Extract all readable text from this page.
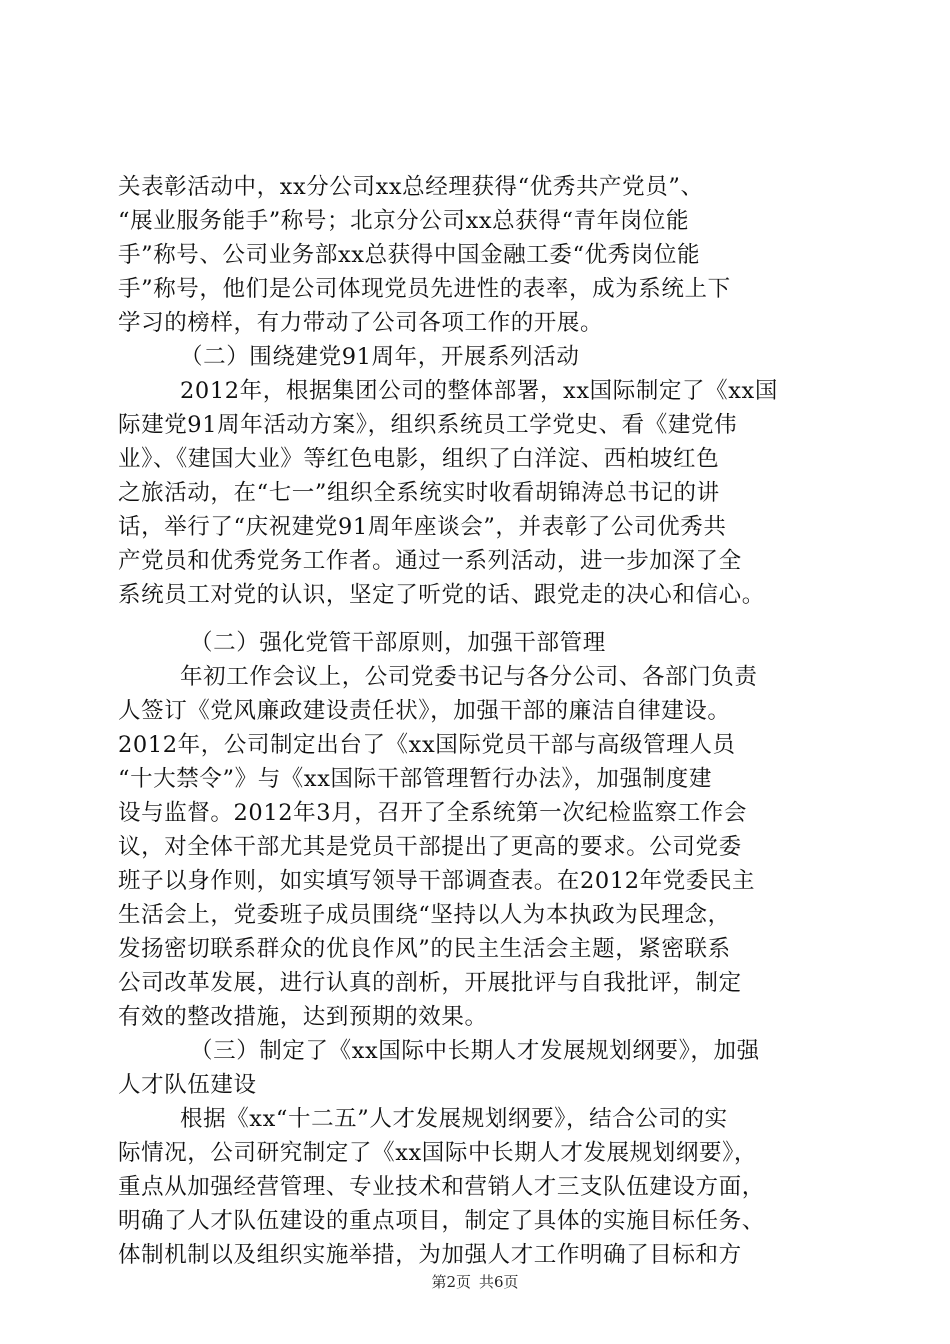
关表彰活动中，xx分公司xx总经理获得“优秀共产党员”、
“展业服务能手”称号；北京分公司xx总获得“青年岗位能
手”称号、公司业务部xx总获得中国金融工委“优秀岗位能
手”称号，他们是公司体现党员先进性的表率，成为系统上下
学习的榜样，有力带动了公司各项工作的开展。
（二）围绕建党91周年，开展系列活动
2012年，根据集团公司的整体部署，xx国际制定了《xx国
际建党91周年活动方案》，组织系统员工学党史、看《建党伟
业》、《建国大业》等红色电影，组织了白洋淀、西柏坡红色
之旅活动，在“七一”组织全系统实时收看胡锦涛总书记的讲
话，举行了“庆祝建党91周年座谈会”，并表彰了公司优秀共
产党员和优秀党务工作者。通过一系列活动，进一步加深了全
系统员工对党的认识，坚定了听党的话、跟党走的决心和信心。
（二）强化党管干部原则，加强干部管理
年初工作会议上，公司党委书记与各分公司、各部门负责
人签订《党风廉政建设责任状》，加强干部的廉洁自律建设。
2012年，公司制定出台了《xx国际党员干部与高级管理人员
“十大禁令”》与《xx国际干部管理暂行办法》，加强制度建
设与监督。2012年3月，召开了全系统第一次纪检监察工作会
议，对全体干部尤其是党员干部提出了更高的要求。公司党委
班子以身作则，如实填写领导干部调查表。在2012年党委民主
生活会上，党委班子成员围绕“坚持以人为本执政为民理念，
发扬密切联系群众的优良作风”的民主生活会主题，紧密联系
公司改革发展，进行认真的剖析，开展批评与自我批评，制定
有效的整改措施，达到预期的效果。
（三）制定了《xx国际中长期人才发展规划纲要》，加强
人才队伍建设
根据《xx“十二五”人才发展规划纲要》，结合公司的实
际情况，公司研究制定了《xx国际中长期人才发展规划纲要》，
重点从加强经营管理、专业技术和营销人才三支队伍建设方面，
明确了人才队伍建设的重点项目，制定了具体的实施目标任务、
体制机制以及组织实施举措，为加强人才工作明确了目标和方
第2页 共6页
